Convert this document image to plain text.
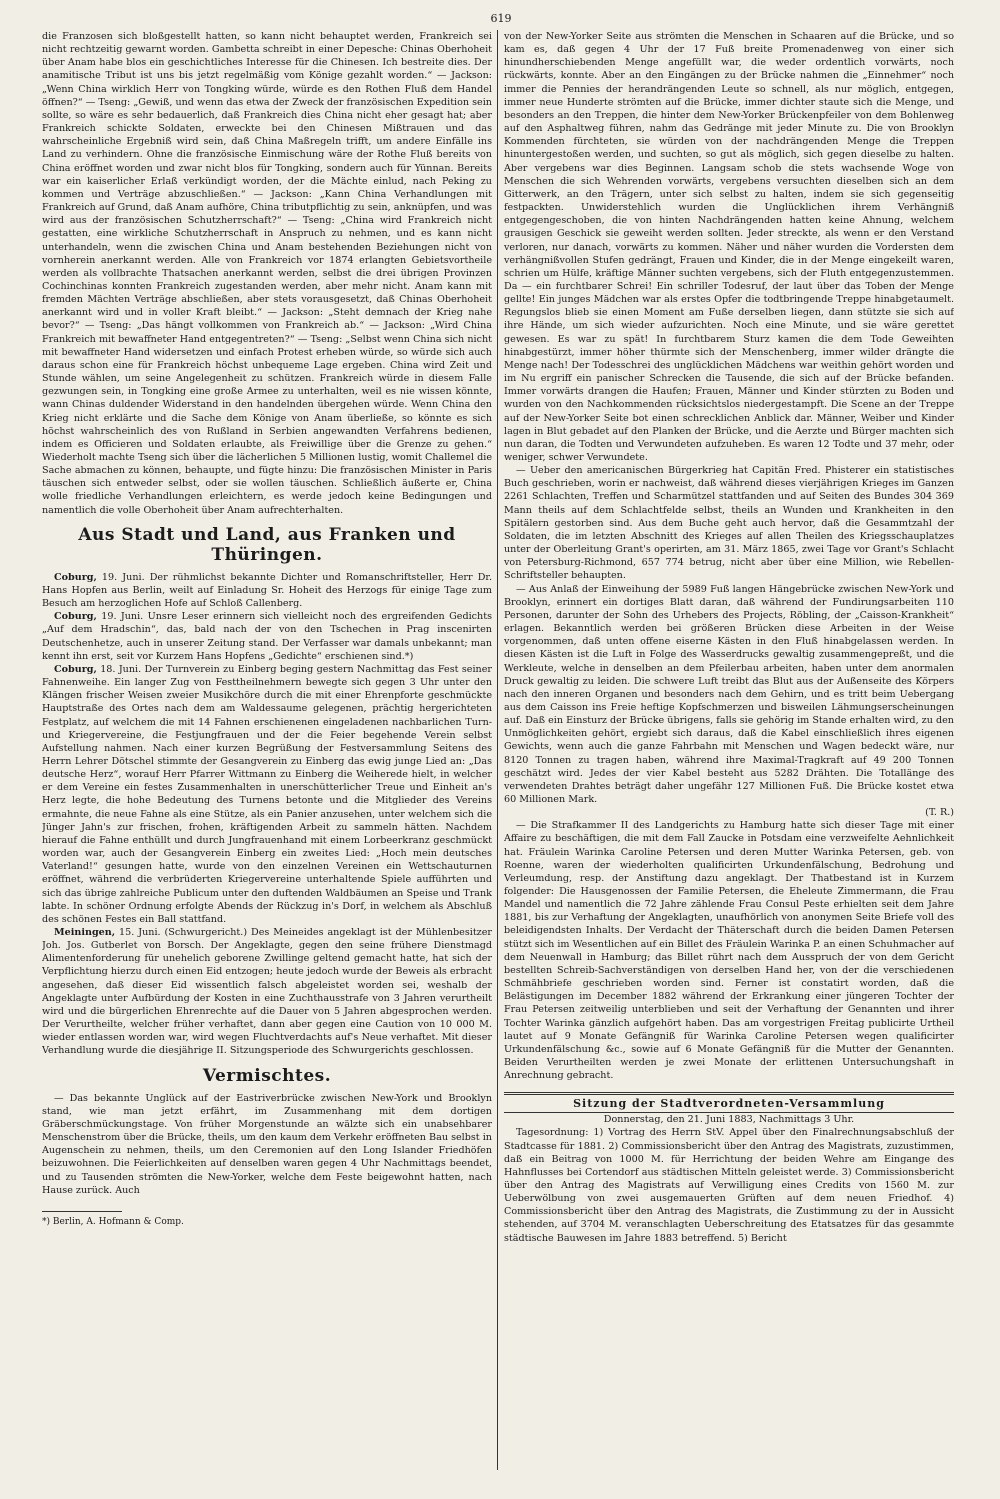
619

die Franzosen sich bloßgestellt hatten, so kann nicht behauptet werden, Frankreich sei nicht rechtzeitig gewarnt worden. Gambetta schreibt in einer Depesche: Chinas Oberhoheit über Anam habe blos ein geschichtliches Interesse für die Chinesen. Ich bestreite dies. Der anamitische Tribut ist uns bis jetzt regelmäßig vom Könige gezahlt worden.“ — Jackson: „Wenn China wirklich Herr von Tongking würde, würde es den Rothen Fluß dem Handel öffnen?“ — Tseng: „Gewiß, und wenn das etwa der Zweck der französischen Expedition sein sollte, so wäre es sehr bedauerlich, daß Frankreich dies China nicht eher gesagt hat; aber Frankreich schickte Soldaten, erweckte bei den Chinesen Mißtrauen und das wahrscheinliche Ergebniß wird sein, daß China Maßregeln trifft, um andere Einfälle ins Land zu verhindern. Ohne die französische Einmischung wäre der Rothe Fluß bereits von China eröffnet worden und zwar nicht blos für Tongking, sondern auch für Yünnan. Bereits war ein kaiserlicher Erlaß verkündigt worden, der die Mächte einlud, nach Peking zu kommen und Verträge abzuschließen.“ — Jackson: „Kann China Verhandlungen mit Frankreich auf Grund, daß Anam aufhöre, China tributpflichtig zu sein, anknüpfen, und was wird aus der französischen Schutzherrschaft?“ — Tseng: „China wird Frankreich nicht gestatten, eine wirkliche Schutzherrschaft in Anspruch zu nehmen, und es kann nicht unterhandeln, wenn die zwischen China und Anam bestehenden Beziehungen nicht von vornherein anerkannt werden. Alle von Frankreich vor 1874 erlangten Gebietsvortheile werden als vollbrachte Thatsachen anerkannt werden, selbst die drei übrigen Provinzen Cochinchinas konnten Frankreich zugestanden werden, aber mehr nicht. Anam kann mit fremden Mächten Verträge abschließen, aber stets vorausgesetzt, daß Chinas Oberhoheit anerkannt wird und in voller Kraft bleibt.“ — Jackson: „Steht demnach der Krieg nahe bevor?“ — Tseng: „Das hängt vollkommen von Frankreich ab.“ — Jackson: „Wird China Frankreich mit bewaffneter Hand entgegentreten?“ — Tseng: „Selbst wenn China sich nicht mit bewaffneter Hand widersetzen und einfach Protest erheben würde, so würde sich auch daraus schon eine für Frankreich höchst unbequeme Lage ergeben. China wird Zeit und Stunde wählen, um seine Angelegenheit zu schützen. Frankreich würde in diesem Falle gezwungen sein, in Tongking eine große Armee zu unterhalten, weil es nie wissen könnte, wann Chinas duldender Widerstand in den handelnden übergehen würde. Wenn China den Krieg nicht erklärte und die Sache dem Könige von Anam überließe, so könnte es sich höchst wahrscheinlich des von Rußland in Serbien angewandten Verfahrens bedienen, indem es Officieren und Soldaten erlaubte, als Freiwillige über die Grenze zu gehen.“ Wiederholt machte Tseng sich über die lächerlichen 5 Millionen lustig, womit Challemel die Sache abmachen zu können, behaupte, und fügte hinzu: Die französischen Minister in Paris täuschen sich entweder selbst, oder sie wollen täuschen. Schließlich äußerte er, China wolle friedliche Verhandlungen erleichtern, es werde jedoch keine Bedingungen und namentlich die volle Oberhoheit über Anam aufrechterhalten.

Aus Stadt und Land, aus Franken und Thüringen.

Coburg, 19. Juni. Der rühmlichst bekannte Dichter und Romanschriftsteller, Herr Dr. Hans Hopfen aus Berlin, weilt auf Einladung Sr. Hoheit des Herzogs für einige Tage zum Besuch am herzoglichen Hofe auf Schloß Callenberg.

Coburg, 19. Juni. Unsre Leser erinnern sich vielleicht noch des ergreifenden Gedichts „Auf dem Hradschin“, das, bald nach der von den Tschechen in Prag inscenirten Deutschenhetze, auch in unserer Zeitung stand. Der Verfasser war damals unbekannt; man kennt ihn erst, seit vor Kurzem Hans Hopfens „Gedichte“ erschienen sind.*)

Coburg, 18. Juni. Der Turnverein zu Einberg beging gestern Nachmittag das Fest seiner Fahnenweihe. Ein langer Zug von Festtheilnehmern bewegte sich gegen 3 Uhr unter den Klängen frischer Weisen zweier Musikchöre durch die mit einer Ehrenpforte geschmückte Hauptstraße des Ortes nach dem am Waldessaume gelegenen, prächtig hergerichteten Festplatz, auf welchem die mit 14 Fahnen erschienenen eingeladenen nachbarlichen Turn- und Kriegervereine, die Festjungfrauen und der die Feier begehende Verein selbst Aufstellung nahmen. Nach einer kurzen Begrüßung der Festversammlung Seitens des Herrn Lehrer Dötschel stimmte der Gesangverein zu Einberg das ewig junge Lied an: „Das deutsche Herz“, worauf Herr Pfarrer Wittmann zu Einberg die Weiherede hielt, in welcher er dem Vereine ein festes Zusammenhalten in unerschütterlicher Treue und Einheit an's Herz legte, die hohe Bedeutung des Turnens betonte und die Mitglieder des Vereins ermahnte, die neue Fahne als eine Stütze, als ein Panier anzusehen, unter welchem sich die Jünger Jahn's zur frischen, frohen, kräftigenden Arbeit zu sammeln hätten. Nachdem hierauf die Fahne enthüllt und durch Jungfrauenhand mit einem Lorbeerkranz geschmückt worden war, auch der Gesangverein Einberg ein zweites Lied: „Hoch mein deutsches Vaterland!“ gesungen hatte, wurde von den einzelnen Vereinen ein Wettschauturnen eröffnet, während die verbrüderten Kriegervereine unterhaltende Spiele aufführten und sich das übrige zahlreiche Publicum unter den duftenden Waldbäumen an Speise und Trank labte. In schöner Ordnung erfolgte Abends der Rückzug in's Dorf, in welchem als Abschluß des schönen Festes ein Ball stattfand.

Meiningen, 15. Juni. (Schwurgericht.) Des Meineides angeklagt ist der Mühlenbesitzer Joh. Jos. Gutberlet von Borsch. Der Angeklagte, gegen den seine frühere Dienstmagd Alimentenforderung für unehelich geborene Zwillinge geltend gemacht hatte, hat sich der Verpflichtung hierzu durch einen Eid entzogen; heute jedoch wurde der Beweis als erbracht angesehen, daß dieser Eid wissentlich falsch abgeleistet worden sei, weshalb der Angeklagte unter Aufbürdung der Kosten in eine Zuchthausstrafe von 3 Jahren verurtheilt wird und die bürgerlichen Ehrenrechte auf die Dauer von 5 Jahren abgesprochen werden. Der Verurtheilte, welcher früher verhaftet, dann aber gegen eine Caution von 10 000 M. wieder entlassen worden war, wird wegen Fluchtverdachts auf's Neue verhaftet. Mit dieser Verhandlung wurde die diesjährige II. Sitzungsperiode des Schwurgerichts geschlossen.

Vermischtes.

— Das bekannte Unglück auf der Eastriverbrücke zwischen New-York und Brooklyn stand, wie man jetzt erfährt, im Zusammenhang mit dem dortigen Gräberschmückungstage. Von früher Morgenstunde an wälzte sich ein unabsehbarer Menschenstrom über die Brücke, theils, um den kaum dem Verkehr eröffneten Bau selbst in Augenschein zu nehmen, theils, um den Ceremonien auf den Long Islander Friedhöfen beizuwohnen. Die Feierlichkeiten auf denselben waren gegen 4 Uhr Nachmittags beendet, und zu Tausenden strömten die New-Yorker, welche dem Feste beigewohnt hatten, nach Hause zurück. Auch

*) Berlin, A. Hofmann & Comp.

von der New-Yorker Seite aus strömten die Menschen in Schaaren auf die Brücke, und so kam es, daß gegen 4 Uhr der 17 Fuß breite Promenadenweg von einer sich hinundherschiebenden Menge angefüllt war, die weder ordentlich vorwärts, noch rückwärts, konnte. Aber an den Eingängen zu der Brücke nahmen die „Einnehmer“ noch immer die Pennies der herandrängenden Leute so schnell, als nur möglich, entgegen, immer neue Hunderte strömten auf die Brücke, immer dichter staute sich die Menge, und besonders an den Treppen, die hinter dem New-Yorker Brückenpfeiler von dem Bohlenweg auf den Asphaltweg führen, nahm das Gedränge mit jeder Minute zu. Die von Brooklyn Kommenden fürchteten, sie würden von der nachdrängenden Menge die Treppen hinuntergestoßen werden, und suchten, so gut als möglich, sich gegen dieselbe zu halten. Aber vergebens war dies Beginnen. Langsam schob die stets wachsende Woge von Menschen die sich Wehrenden vorwärts, vergebens versuchten dieselben sich an dem Gitterwerk, an den Trägern, unter sich selbst zu halten, indem sie sich gegenseitig festpackten. Unwiderstehlich wurden die Unglücklichen ihrem Verhängniß entgegengeschoben, die von hinten Nachdrängenden hatten keine Ahnung, welchem grausigen Geschick sie geweiht werden sollten. Jeder streckte, als wenn er den Verstand verloren, nur danach, vorwärts zu kommen. Näher und näher wurden die Vordersten dem verhängnißvollen Stufen gedrängt, Frauen und Kinder, die in der Menge eingekeilt waren, schrien um Hülfe, kräftige Männer suchten vergebens, sich der Fluth entgegenzustemmen. Da — ein furchtbarer Schrei! Ein schriller Todesruf, der laut über das Toben der Menge gellte! Ein junges Mädchen war als erstes Opfer die todtbringende Treppe hinabgetaumelt. Regungslos blieb sie einen Moment am Fuße derselben liegen, dann stützte sie sich auf ihre Hände, um sich wieder aufzurichten. Noch eine Minute, und sie wäre gerettet gewesen. Es war zu spät! In furchtbarem Sturz kamen die dem Tode Geweihten hinabgestürzt, immer höher thürmte sich der Menschenberg, immer wilder drängte die Menge nach! Der Todesschrei des unglücklichen Mädchens war weithin gehört worden und im Nu ergriff ein panischer Schrecken die Tausende, die sich auf der Brücke befanden. Immer vorwärts drangen die Haufen; Frauen, Männer und Kinder stürzten zu Boden und wurden von den Nachkommenden rücksichtslos niedergestampft. Die Scene an der Treppe auf der New-Yorker Seite bot einen schrecklichen Anblick dar. Männer, Weiber und Kinder lagen in Blut gebadet auf den Planken der Brücke, und die Aerzte und Bürger machten sich nun daran, die Todten und Verwundeten aufzuheben. Es waren 12 Todte und 37 mehr, oder weniger, schwer Verwundete.

— Ueber den americanischen Bürgerkrieg hat Capitän Fred. Phisterer ein statistisches Buch geschrieben, worin er nachweist, daß während dieses vierjährigen Krieges im Ganzen 2261 Schlachten, Treffen und Scharmützel stattfanden und auf Seiten des Bundes 304 369 Mann theils auf dem Schlachtfelde selbst, theils an Wunden und Krankheiten in den Spitälern gestorben sind. Aus dem Buche geht auch hervor, daß die Gesammtzahl der Soldaten, die im letzten Abschnitt des Krieges auf allen Theilen des Kriegsschauplatzes unter der Oberleitung Grant's operirten, am 31. März 1865, zwei Tage vor Grant's Schlacht von Petersburg-Richmond, 657 774 betrug, nicht aber über eine Million, wie Rebellen-Schriftsteller behaupten.

— Aus Anlaß der Einweihung der 5989 Fuß langen Hängebrücke zwischen New-York und Brooklyn, erinnert ein dortiges Blatt daran, daß während der Fundirungsarbeiten 110 Personen, darunter der Sohn des Urhebers des Projects, Röbling, der „Caisson-Krankheit“ erlagen. Bekanntlich werden bei größeren Brücken diese Arbeiten in der Weise vorgenommen, daß unten offene eiserne Kästen in den Fluß hinabgelassen werden. In diesen Kästen ist die Luft in Folge des Wasserdrucks gewaltig zusammengepreßt, und die Werkleute, welche in denselben an dem Pfeilerbau arbeiten, haben unter dem anormalen Druck gewaltig zu leiden. Die schwere Luft treibt das Blut aus der Außenseite des Körpers nach den inneren Organen und besonders nach dem Gehirn, und es tritt beim Uebergang aus dem Caisson ins Freie heftige Kopfschmerzen und bisweilen Lähmungserscheinungen auf. Daß ein Einsturz der Brücke übrigens, falls sie gehörig im Stande erhalten wird, zu den Unmöglichkeiten gehört, ergiebt sich daraus, daß die Kabel einschließlich ihres eigenen Gewichts, wenn auch die ganze Fahrbahn mit Menschen und Wagen bedeckt wäre, nur 8120 Tonnen zu tragen haben, während ihre Maximal-Tragkraft auf 49 200 Tonnen geschätzt wird. Jedes der vier Kabel besteht aus 5282 Drähten. Die Totallänge des verwendeten Drahtes beträgt daher ungefähr 127 Millionen Fuß. Die Brücke kostet etwa 60 Millionen Mark.

(T. R.)

— Die Strafkammer II des Landgerichts zu Hamburg hatte sich dieser Tage mit einer Affaire zu beschäftigen, die mit dem Fall Zaucke in Potsdam eine verzweifelte Aehnlichkeit hat. Fräulein Warinka Caroline Petersen und deren Mutter Warinka Petersen, geb. von Roenne, waren der wiederholten qualificirten Urkundenfälschung, Bedrohung und Verleumdung, resp. der Anstiftung dazu angeklagt. Der Thatbestand ist in Kurzem folgender: Die Hausgenossen der Familie Petersen, die Eheleute Zimmermann, die Frau Mandel und namentlich die 72 Jahre zählende Frau Consul Peste erhielten seit dem Jahre 1881, bis zur Verhaftung der Angeklagten, unaufhörlich von anonymen Seite Briefe voll des beleidigendsten Inhalts. Der Verdacht der Thäterschaft durch die beiden Damen Petersen stützt sich im Wesentlichen auf ein Billet des Fräulein Warinka P. an einen Schuhmacher auf dem Neuenwall in Hamburg; das Billet rührt nach dem Ausspruch der von dem Gericht bestellten Schreib-Sachverständigen von derselben Hand her, von der die verschiedenen Schmähbriefe geschrieben worden sind. Ferner ist constatirt worden, daß die Belästigungen im December 1882 während der Erkrankung einer jüngeren Tochter der Frau Petersen zeitweilig unterblieben und seit der Verhaftung der Genannten und ihrer Tochter Warinka gänzlich aufgehört haben. Das am vorgestrigen Freitag publicirte Urtheil lautet auf 9 Monate Gefängniß für Warinka Caroline Petersen wegen qualificirter Urkundenfälschung &c., sowie auf 6 Monate Gefängniß für die Mutter der Genannten. Beiden Verurtheilten werden je zwei Monate der erlittenen Untersuchungshaft in Anrechnung gebracht.

Sitzung der Stadtverordneten-Versammlung
Donnerstag, den 21. Juni 1883, Nachmittags 3 Uhr.

Tagesordnung: 1) Vortrag des Herrn StV. Appel über den Finalrechnungsabschluß der Stadtcasse für 1881. 2) Commissionsbericht über den Antrag des Magistrats, zuzustimmen, daß ein Beitrag von 1000 M. für Herrichtung der beiden Wehre am Eingange des Hahnflusses bei Cortendorf aus städtischen Mitteln geleistet werde. 3) Commissionsbericht über den Antrag des Magistrats auf Verwilligung eines Credits von 1560 M. zur Ueberwölbung von zwei ausgemauerten Grüften auf dem neuen Friedhof. 4) Commissionsbericht über den Antrag des Magistrats, die Zustimmung zu der in Aussicht stehenden, auf 3704 M. veranschlagten Ueberschreitung des Etatsatzes für das gesammte städtische Bauwesen im Jahre 1883 betreffend. 5) Bericht
